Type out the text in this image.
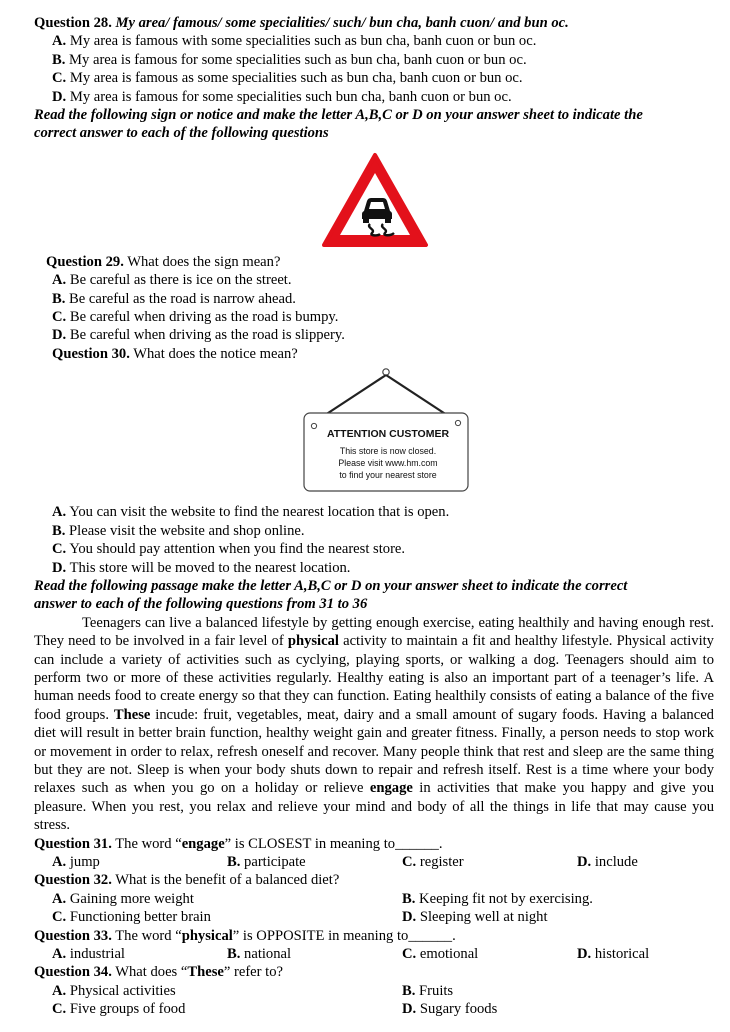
Question 28. My area/ famous/ some specialities/ such/ bun cha, banh cuon/ and bun oc.
A. My area is famous with some specialities such as bun cha, banh cuon or bun oc.
B. My area is famous for some specialities such as bun cha, banh cuon or bun oc.
C. My area is famous as some specialities such as bun cha, banh cuon or bun oc.
D. My area is famous for some specialities such bun cha, banh cuon or bun oc.
Read the following sign or notice and make the letter A,B,C or D on your answer sheet to indicate the
correct answer to each of the following questions
Question 29. What does the sign mean?
A. Be careful as there is ice on the street.
B. Be careful as the road is narrow ahead.
C. Be careful when driving as the road is bumpy.
D. Be careful when driving as the road is slippery.
Question 30. What does the notice mean?
ATTENTION CUSTOMER
This store is now closed.
Please visit www.hm.com
to find your nearest store
A. You can visit the website to find the nearest location that is open.
B. Please visit the website and shop online.
C. You should pay attention when you find the nearest store.
D. This store will be moved to the nearest location.
Read the following passage make the letter A,B,C or D on your answer sheet to indicate the correct
answer to each of the following questions from 31 to 36
Teenagers can live a balanced lifestyle by getting enough exercise, eating healthily and having enough rest. They need to be involved in a fair level of physical activity to maintain a fit and healthy lifestyle. Physical activity can include a variety of activities such as cyclying, playing sports, or walking a dog. Teenagers should aim to perform two or more of these activities regularly. Healthy eating is also an important part of a teenager’s life. A human needs food to create energy so that they can function. Eating healthily consists of eating a balance of the five food groups. These incude: fruit, vegetables, meat, dairy and a small amount of sugary foods. Having a balanced diet will result in better brain function, healthy weight gain and greater fitness. Finally, a person needs to stop work or movement in order to relax, refresh oneself and recover. Many people think that rest and sleep are the same thing but they are not. Sleep is when your body shuts down to repair and refresh itself. Rest is a time where your body relaxes such as when you go on a holiday or relieve engage in activities that make you happy and give you pleasure. When you rest, you relax and relieve your mind and body of all the things in life that may cause you stress.
Question 31. The word “engage” is CLOSEST in meaning to______.
A. jump	B. participate	C. register	D. include
Question 32. What is the benefit of a balanced diet?
A. Gaining more weight	B. Keeping fit not by exercising.
C. Functioning better brain	D. Sleeping well at night
Question 33. The word “physical” is OPPOSITE in meaning to______.
A. industrial	B. national	C. emotional	D. historical
Question 34. What does “These” refer to?
A. Physical activities	B. Fruits
C. Five groups of food	D. Sugary foods
